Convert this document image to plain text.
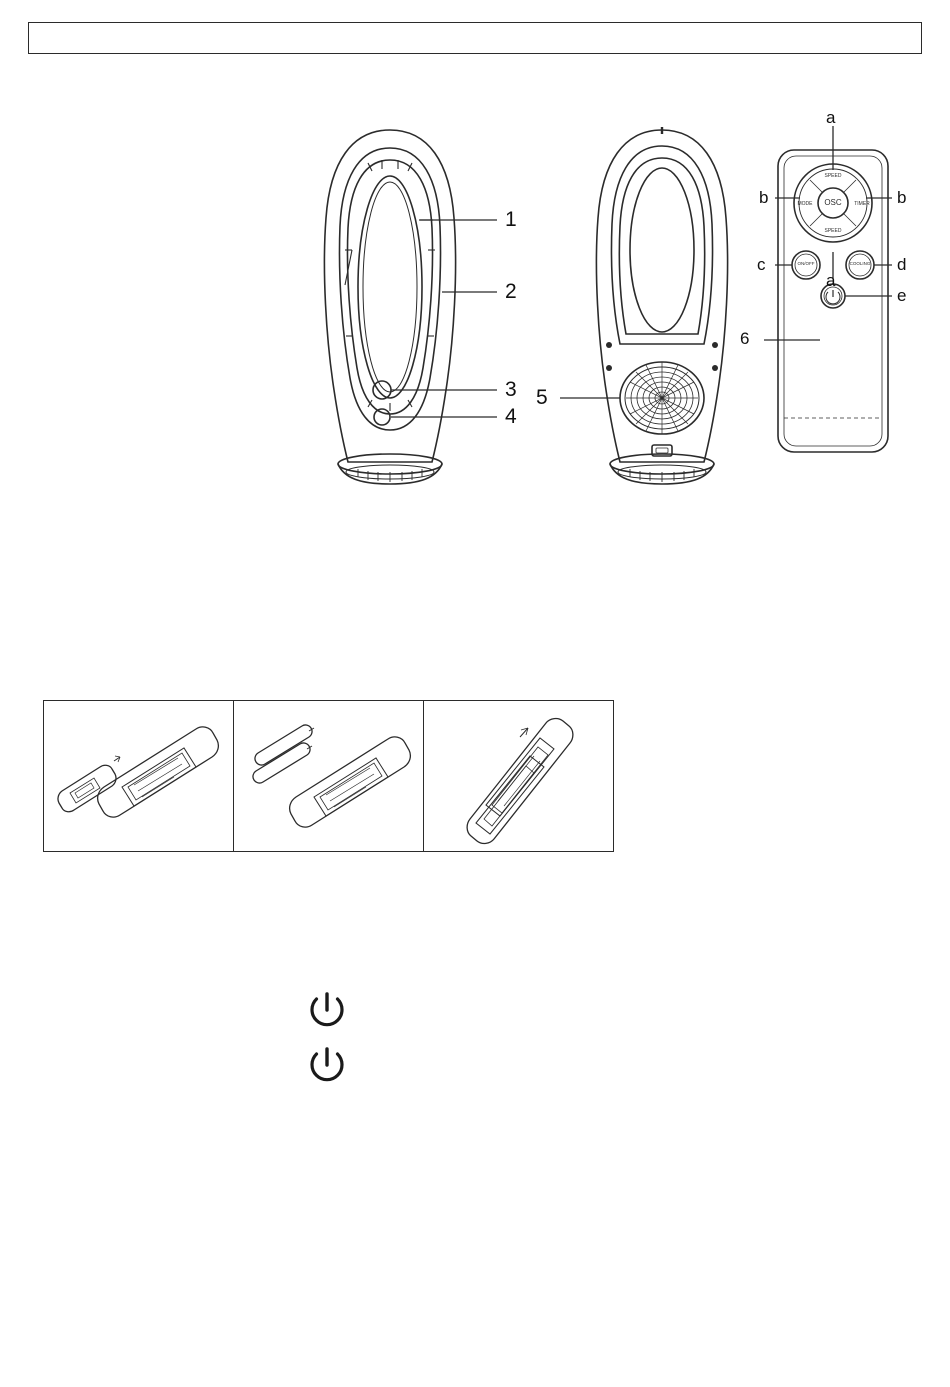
OSC
SPEED
SPEED
MODE	TIMER
ON/OFF	COOLING
1
2
3
4
5
a
b	b
a
c	d
e
6
